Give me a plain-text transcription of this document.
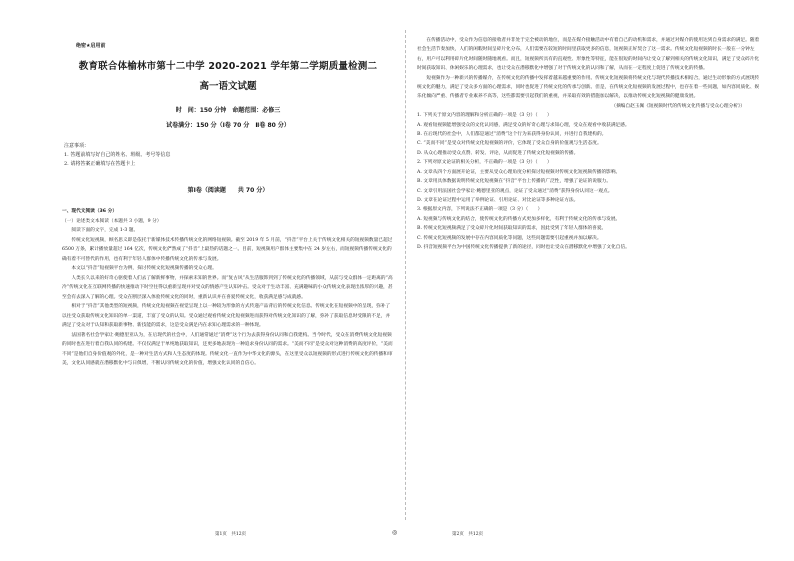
绝密★启用前
教育联合体榆林市第十二中学 2020-2021 学年第二学期质量检测二
高一语文试题
时　间：150 分钟　命题范围：必修三
试卷满分：150 分（Ⅰ卷 70 分　Ⅱ卷 80 分）
注意事项：
1. 答题前填写好自己的姓名、班级、考号等信息
2. 请将答案正确填写在答题卡上
第Ⅰ卷（阅读题　　共 70 分）
一、现代文阅读（36 分）
（一）论述类文本阅读（本题共 3 小题，9 分）

阅读下面的文字，完成 1-3 题。

传统文化短视频，顾名思义即是依托于新媒体技术传播传统文化的网络短视频。截至 2019 年 5 月前，“抖音”平台上关于传统文化相关的短视频数量已超过 6500 万条，累计播放量超过 164 亿次，传统文化俨然成了“抖音”上最热的话题之一。目前，短视频用户群体主要集中在 24 岁左右，而短视频传播传统文化的确有着不可替代的作用，也有利于年轻人群体中传播传统文化的传承与发展。

本文以“抖音”短视频平台为例，探讨传统文化短视频传播的受众心理。

人类长久以来的好奇心驱使着人们去了解新鲜事物，并探索未知的世界。而“复古风”从生活服饰到到了传统文化的传播领域，从前与受众群体一定距离的“高冷”传统文化在互联网传播的快速推动下时空往得以重新呈现并对受众的情感产生认知冲击。受众对于生动丰富、充满趣味的小众传统文化表现出浓厚的兴趣，甚至会有去深入了解的心理。受众在断层深入体验传统文化的同时，重新认识并在喜爱传统文化，收获满足感与成就感。

相对于“抖音”其他类型的短视频，传统文化短视频在视觉呈现上以一种较为形象的方式传递产品背后的传统文化信息。传统文化在短视频中的呈现，弥补了以往受众获取传统文化知识的单一渠道，丰富了受众的认知。受众通过观看传统文化短视频进而获得对传统文化知识的了解，弥补了获取信息时受限的不足，并满足了受众对于认知和获取新事物、新技能的需求，这是受众满足内在求知心理需求的一种体现。

法国著名社会学家让·鲍德里亚认为，在后现代的社会中，人们通常通过“消费”这个行为去获得身份认同和自我建构。当今时代，受众在消费传统文化短视频的同时也在进行着自我认同的构建。不仅仅满足于单纯地获取知识，还更多地表现为一种追求身份认同的需求。“美而不同”是受众对这种消费的高度评价，“美而不同”是他们自身价值观的外化，是一种对生活方式和人生态度的体现。传统文化一直作为中华文化的源头，在这里受众以短视频的形式进行传统文化的传播和审美，文化认同感就在潜移默化中与日俱增，不断认同传统文化的价值，增强文化认同的自信心。

在传播活动中，受众作为信息的接收者并非处于完全被动的地位，而是在媒介接触活动中有着自己的动机和需求，并通过对媒介的使用达到自身需求的满足。随着社会生活节奏加快，人们的闲暇时间呈碎片化分布，人们需要在较短的时间里获取更多的信息，短视频正好契合了这一需求。传统文化短视频的时长一般在一分钟左右，用户可以利用碎片化时间随时随地观看。而且，短视频所具有的直观性、形象性等特征，能在很短的时间内让受众了解到相关的传统文化知识，满足了受众碎片化时间获取知识、休闲娱乐的心理需求，也让受众在潜移默化中增强了对于传统文化的认同和了解，从而在一定程度上促进了传统文化的传播。

短视频作为一种新兴的传播媒介，在传统文化的传播中发挥着越来越重要的作用。传统文化短视频将传统文化与现代传播技术相结合，通过生动形象的方式展现传统文化的魅力，满足了受众多方面的心理需求，同时也促进了传统文化的传承与创新。但是，在传统文化短视频的发展过程中，也存在着一些问题，如内容同质化、娱乐化倾向严重、传播者专业素养不高等，这些都需要引起我们的重视，并采取有效的措施加以解决，以推动传统文化短视频的健康发展。

（摘编自赵玉佩《短视频时代的传统文化传播与受众心理分析》）

1. 下列关于原文内容的理解和分析正确的一项是（3 分）（　　）

A. 观看短视频能增强受众的文化认同感，满足受众的好奇心理与求知心理，受众在观看中收获满足感。

B. 在后现代的社会中，人们都是通过“消费”这个行为来获得身份认同，并进行自我建构的。

C. “美而不同”是受众对传统文化短视频的评价，它体现了受众自身的价值观与生活态度。

D. 从众心理推动受众点赞、转发、评论，从而促进了传统文化短视频的传播。

2. 下列对原文论证的相关分析，不正确的一项是（3 分）（　　）

A. 文章从四个方面展开论证，主要从受众心理角度分析探讨短视频对传统文化短视频传播的影响。

B. 文章用具体数据说明传统文化短视频在“抖音”平台上传播的广泛性，增强了论证的说服力。

C. 文章引用法国社会学家让·鲍德里亚的观点，论证了受众通过“消费”获得身份认同这一观点。

D. 文章在论证过程中运用了举例论证、引用论证、对比论证等多种论证方法。

3. 根据原文内容，下列说法不正确的一项是（3 分）（　　）

A. 短视频与传统文化的结合，使传统文化的传播方式更加多样化，有利于传统文化的传承与发展。

B. 传统文化短视频满足了受众碎片化时间获取知识的需求，因此受到了年轻人群体的喜爱。

C. 传统文化短视频的发展中存在内容同质化等问题，这些问题需要引起重视并加以解决。

D. 抖音短视频平台为中国传统文化传播提供了新的途径，同时也让受众在潜移默化中增强了文化自信。

第1页　共12页	◎	第2页　共12页
